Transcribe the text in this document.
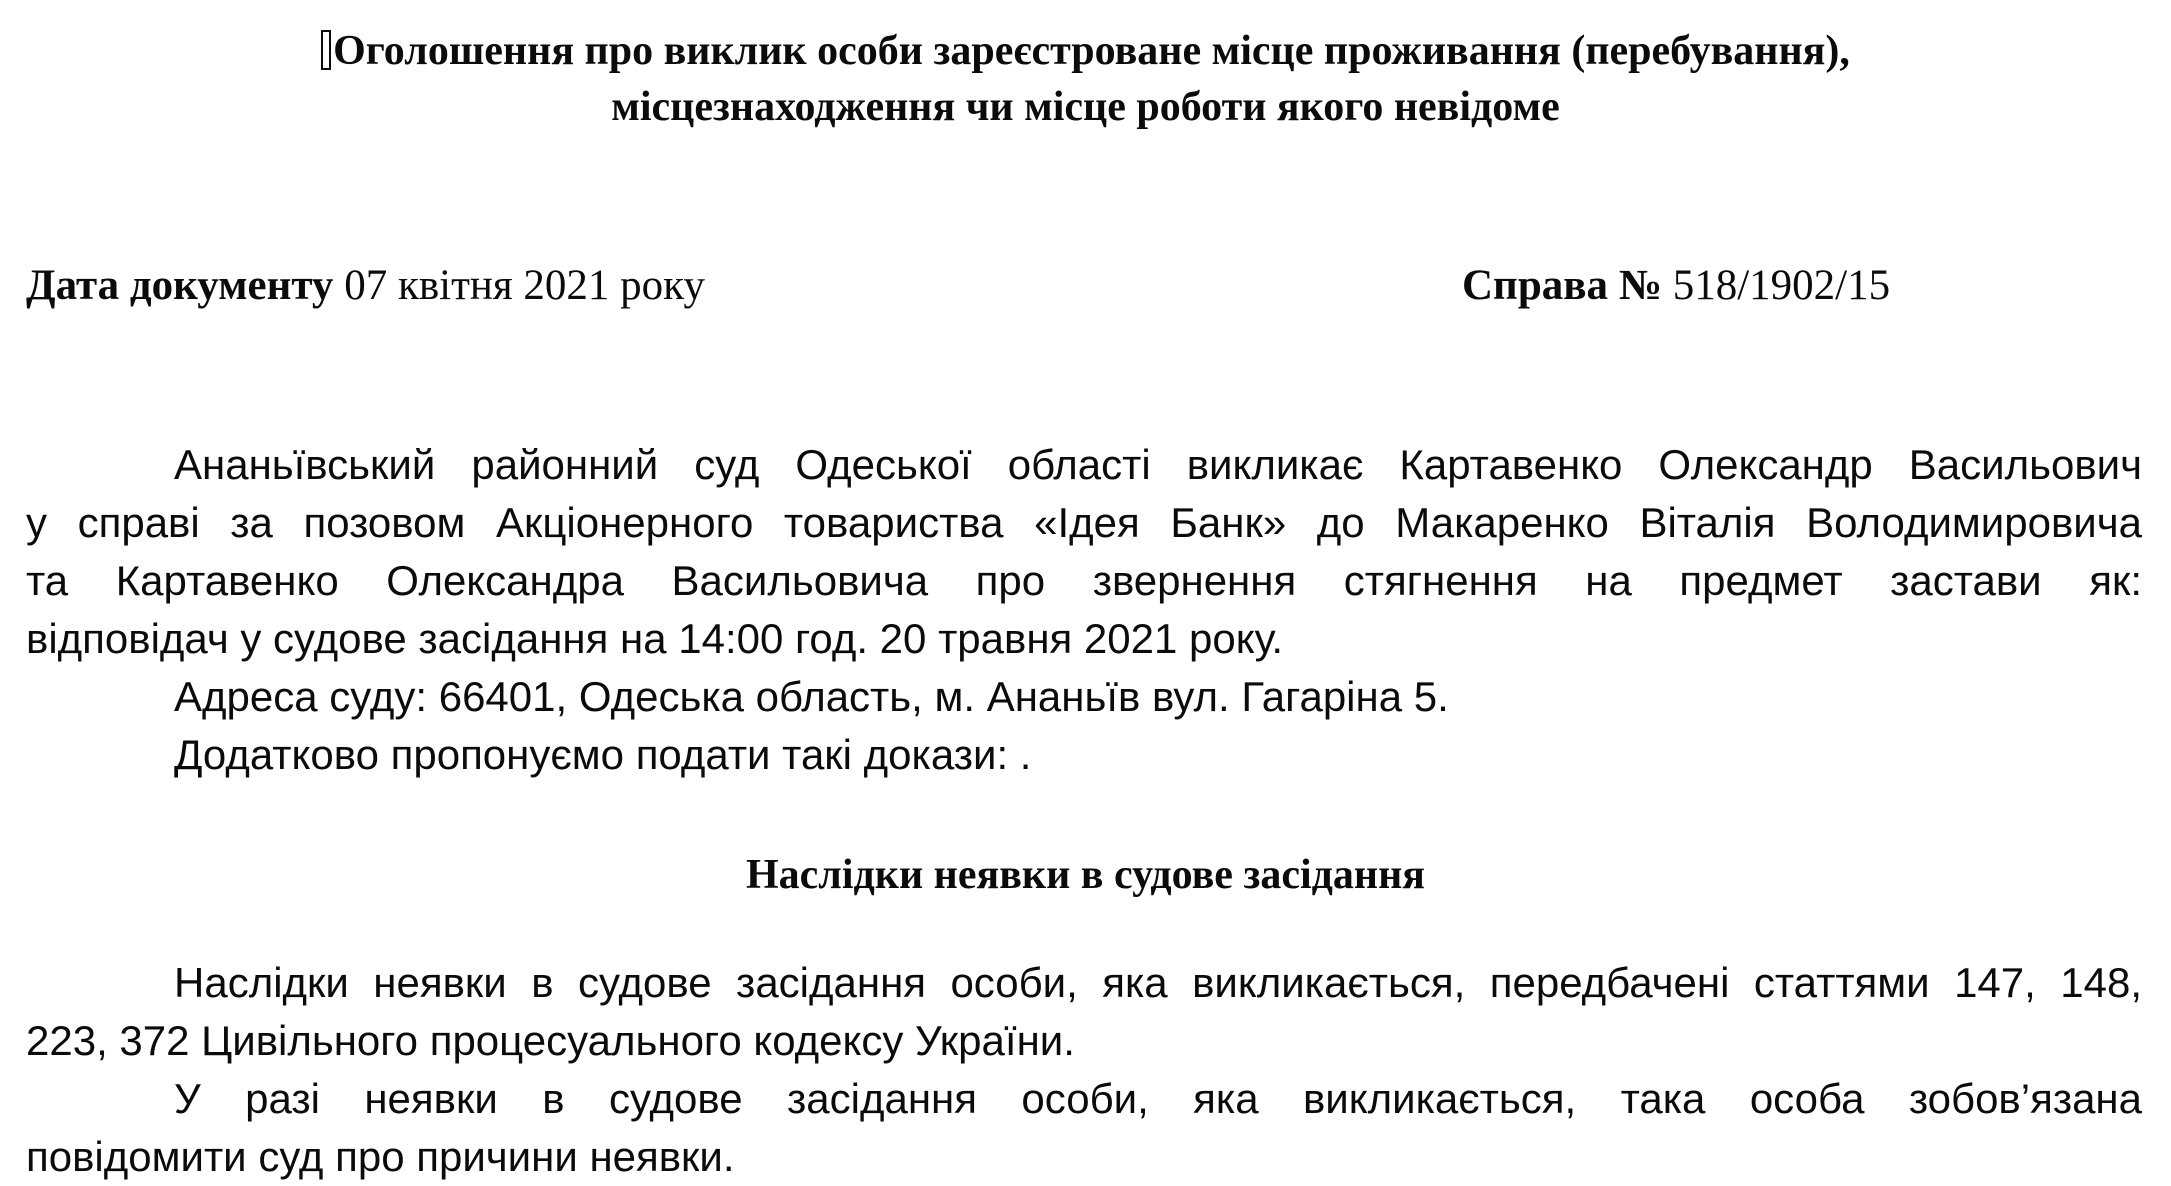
Оголошення про виклик особи зареєстроване місце проживання (перебування),
місцезнаходження чи місце роботи якого невідоме
Дата документу 07 квітня 2021 року	Справа № 518/1902/15
Ананьївський районний суд Одеської області викликає Картавенко Олександр Васильович
у справі за позовом Акціонерного товариства «Ідея Банк» до Макаренко Віталія Володимировича
та Картавенко Олександра Васильовича про звернення стягнення на предмет застави як:
відповідач у судове засідання на 14:00 год. 20 травня 2021 року.
Адреса суду: 66401, Одеська область, м. Ананьїв вул. Гагаріна 5.
Додатково пропонуємо подати такі докази: .
Наслідки неявки в судове засідання
Наслідки неявки в судове засідання особи, яка викликається, передбачені статтями 147, 148,
223, 372 Цивільного процесуального кодексу України.
У разі неявки в судове засідання особи, яка викликається, така особа зобов’язана
повідомити суд про причини неявки.
